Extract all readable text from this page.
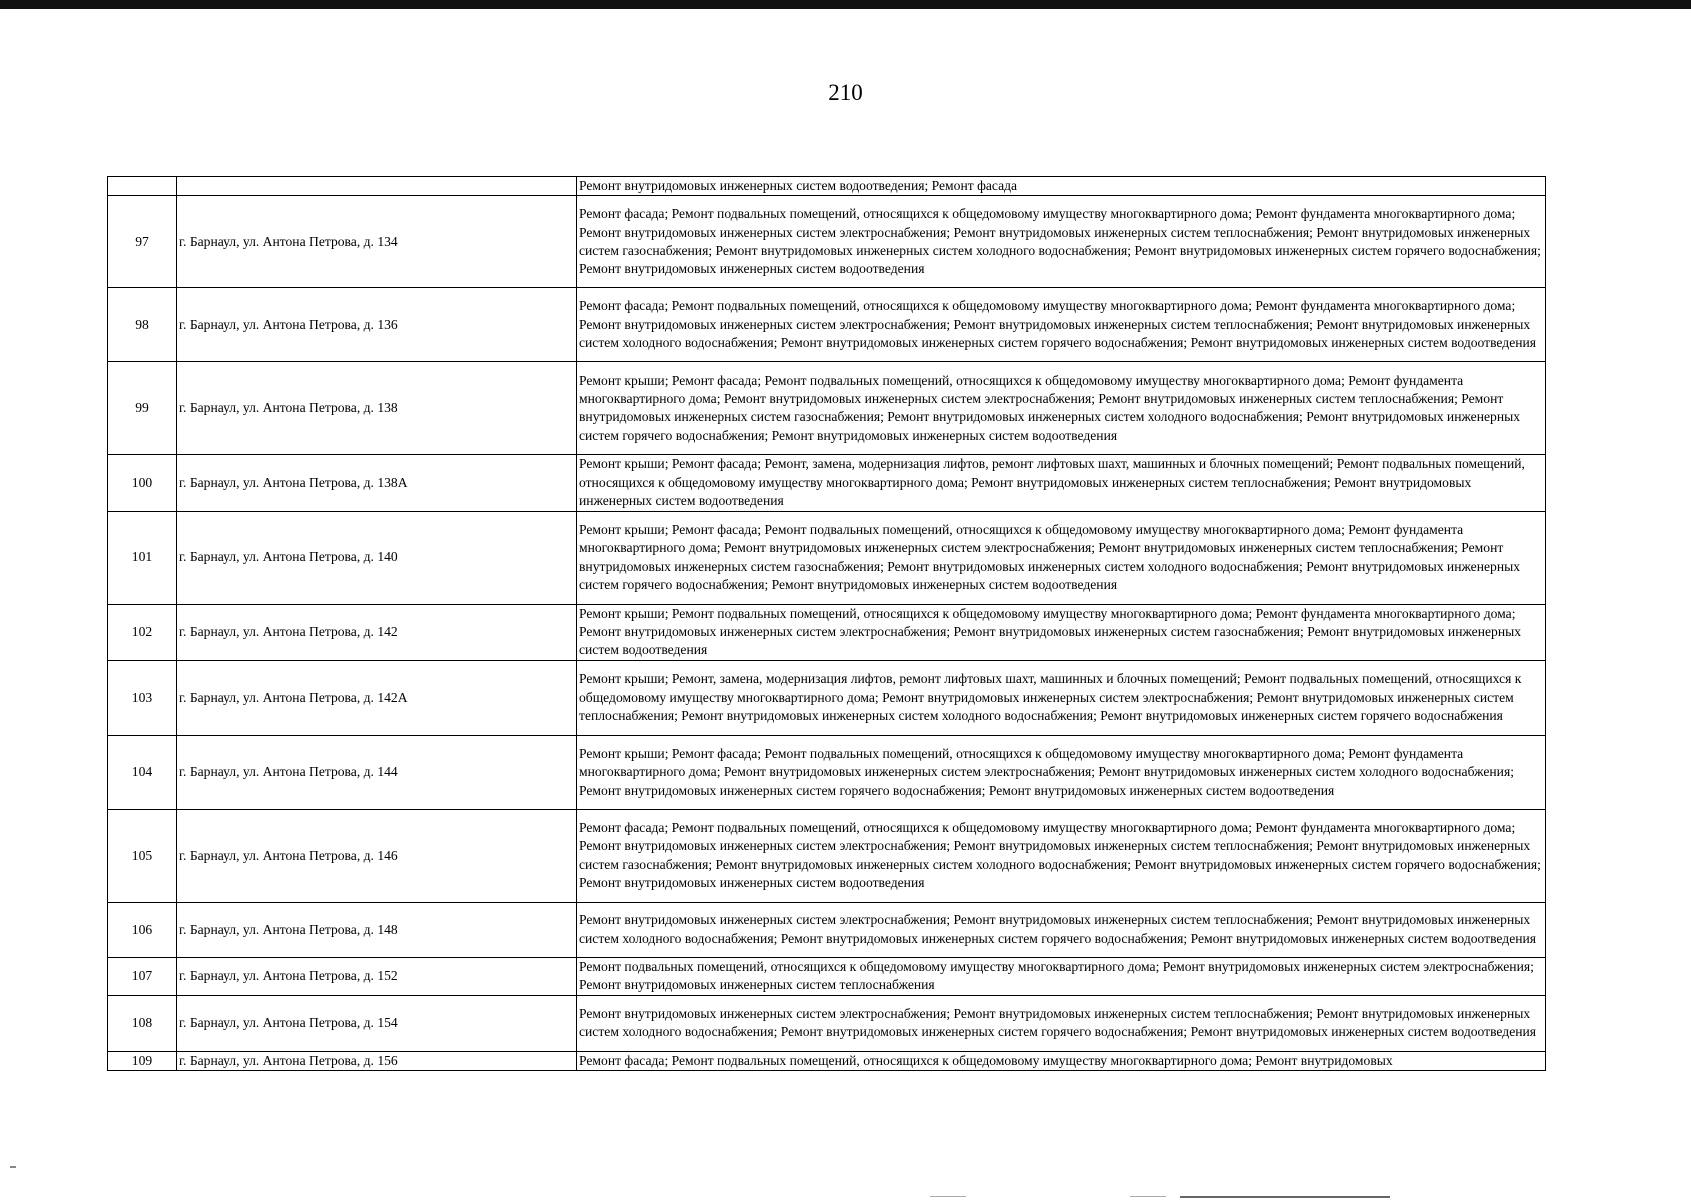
210
		Ремонт внутридомовых инженерных систем водоотведения; Ремонт фасада
97	г. Барнаул, ул. Антона Петрова, д. 134	Ремонт фасада; Ремонт подвальных помещений, относящихся к общедомовому имуществу многоквартирного дома; Ремонт фундамента многоквартирного дома; Ремонт внутридомовых инженерных систем электроснабжения; Ремонт внутридомовых инженерных систем теплоснабжения; Ремонт внутридомовых инженерных систем газоснабжения; Ремонт внутридомовых инженерных систем холодного водоснабжения; Ремонт внутридомовых инженерных систем горячего водоснабжения; Ремонт внутридомовых инженерных систем водоотведения
98	г. Барнаул, ул. Антона Петрова, д. 136	Ремонт фасада; Ремонт подвальных помещений, относящихся к общедомовому имуществу многоквартирного дома; Ремонт фундамента многоквартирного дома; Ремонт внутридомовых инженерных систем электроснабжения; Ремонт внутридомовых инженерных систем теплоснабжения; Ремонт внутридомовых инженерных систем холодного водоснабжения; Ремонт внутридомовых инженерных систем горячего водоснабжения; Ремонт внутридомовых инженерных систем водоотведения
99	г. Барнаул, ул. Антона Петрова, д. 138	Ремонт крыши; Ремонт фасада; Ремонт подвальных помещений, относящихся к общедомовому имуществу многоквартирного дома; Ремонт фундамента многоквартирного дома; Ремонт внутридомовых инженерных систем электроснабжения; Ремонт внутридомовых инженерных систем теплоснабжения; Ремонт внутридомовых инженерных систем газоснабжения; Ремонт внутридомовых инженерных систем холодного водоснабжения; Ремонт внутридомовых инженерных систем горячего водоснабжения; Ремонт внутридомовых инженерных систем водоотведения
100	г. Барнаул, ул. Антона Петрова, д. 138А	Ремонт крыши; Ремонт фасада; Ремонт, замена, модернизация лифтов, ремонт лифтовых шахт, машинных и блочных помещений; Ремонт подвальных помещений, относящихся к общедомовому имуществу многоквартирного дома; Ремонт внутридомовых инженерных систем теплоснабжения; Ремонт внутридомовых инженерных систем водоотведения
101	г. Барнаул, ул. Антона Петрова, д. 140	Ремонт крыши; Ремонт фасада; Ремонт подвальных помещений, относящихся к общедомовому имуществу многоквартирного дома; Ремонт фундамента многоквартирного дома; Ремонт внутридомовых инженерных систем электроснабжения; Ремонт внутридомовых инженерных систем теплоснабжения; Ремонт внутридомовых инженерных систем газоснабжения; Ремонт внутридомовых инженерных систем холодного водоснабжения; Ремонт внутридомовых инженерных систем горячего водоснабжения; Ремонт внутридомовых инженерных систем водоотведения
102	г. Барнаул, ул. Антона Петрова, д. 142	Ремонт крыши; Ремонт подвальных помещений, относящихся к общедомовому имуществу многоквартирного дома; Ремонт фундамента многоквартирного дома; Ремонт внутридомовых инженерных систем электроснабжения; Ремонт внутридомовых инженерных систем газоснабжения; Ремонт внутридомовых инженерных систем водоотведения
103	г. Барнаул, ул. Антона Петрова, д. 142А	Ремонт крыши; Ремонт, замена, модернизация лифтов, ремонт лифтовых шахт, машинных и блочных помещений; Ремонт подвальных помещений, относящихся к общедомовому имуществу многоквартирного дома; Ремонт внутридомовых инженерных систем электроснабжения; Ремонт внутридомовых инженерных систем теплоснабжения; Ремонт внутридомовых инженерных систем холодного водоснабжения; Ремонт внутридомовых инженерных систем горячего водоснабжения
104	г. Барнаул, ул. Антона Петрова, д. 144	Ремонт крыши; Ремонт фасада; Ремонт подвальных помещений, относящихся к общедомовому имуществу многоквартирного дома; Ремонт фундамента многоквартирного дома; Ремонт внутридомовых инженерных систем электроснабжения; Ремонт внутридомовых инженерных систем холодного водоснабжения; Ремонт внутридомовых инженерных систем горячего водоснабжения; Ремонт внутридомовых инженерных систем водоотведения
105	г. Барнаул, ул. Антона Петрова, д. 146	Ремонт фасада; Ремонт подвальных помещений, относящихся к общедомовому имуществу многоквартирного дома; Ремонт фундамента многоквартирного дома; Ремонт внутридомовых инженерных систем электроснабжения; Ремонт внутридомовых инженерных систем теплоснабжения; Ремонт внутридомовых инженерных систем газоснабжения; Ремонт внутридомовых инженерных систем холодного водоснабжения; Ремонт внутридомовых инженерных систем горячего водоснабжения; Ремонт внутридомовых инженерных систем водоотведения
106	г. Барнаул, ул. Антона Петрова, д. 148	Ремонт внутридомовых инженерных систем электроснабжения; Ремонт внутридомовых инженерных систем теплоснабжения; Ремонт внутридомовых инженерных систем холодного водоснабжения; Ремонт внутридомовых инженерных систем горячего водоснабжения; Ремонт внутридомовых инженерных систем водоотведения
107	г. Барнаул, ул. Антона Петрова, д. 152	Ремонт подвальных помещений, относящихся к общедомовому имуществу многоквартирного дома; Ремонт внутридомовых инженерных систем электроснабжения; Ремонт внутридомовых инженерных систем теплоснабжения
108	г. Барнаул, ул. Антона Петрова, д. 154	Ремонт внутридомовых инженерных систем электроснабжения; Ремонт внутридомовых инженерных систем теплоснабжения; Ремонт внутридомовых инженерных систем холодного водоснабжения; Ремонт внутридомовых инженерных систем горячего водоснабжения; Ремонт внутридомовых инженерных систем водоотведения
109	г. Барнаул, ул. Антона Петрова, д. 156	Ремонт фасада; Ремонт подвальных помещений, относящихся к общедомовому имуществу многоквартирного дома; Ремонт внутридомовых
